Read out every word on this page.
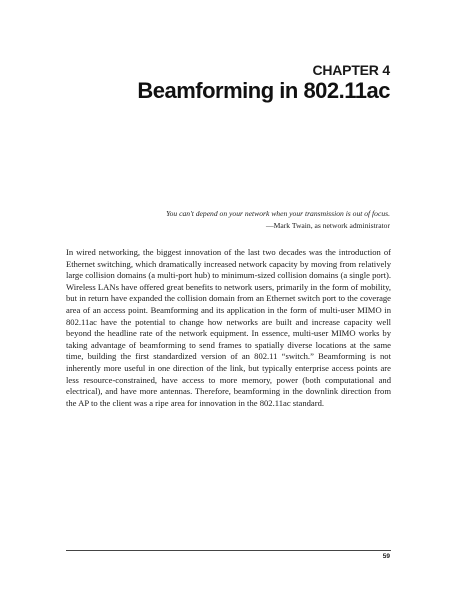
CHAPTER 4
Beamforming in 802.11ac
You can't depend on your network when your transmission is out of focus.
—Mark Twain, as network administrator

In wired networking, the biggest innovation of the last two decades was the introduction of Ethernet switching, which dramatically increased network capacity by moving from relatively large collision domains (a multi-port hub) to minimum-sized collision domains (a single port). Wireless LANs have offered great benefits to network users, primarily in the form of mobility, but in return have expanded the collision domain from an Ethernet switch port to the coverage area of an access point. Beamforming and its application in the form of multi-user MIMO in 802.11ac have the potential to change how networks are built and increase capacity well beyond the headline rate of the network equipment. In essence, multi-user MIMO works by taking advantage of beamforming to send frames to spatially diverse locations at the same time, building the first standardized version of an 802.11 “switch.” Beamforming is not inherently more useful in one direction of the link, but typically enterprise access points are less resource-constrained, have access to more memory, power (both computational and electrical), and have more antennas. Therefore, beamforming in the downlink direction from the AP to the client was a ripe area for innovation in the 802.11ac standard.

59
